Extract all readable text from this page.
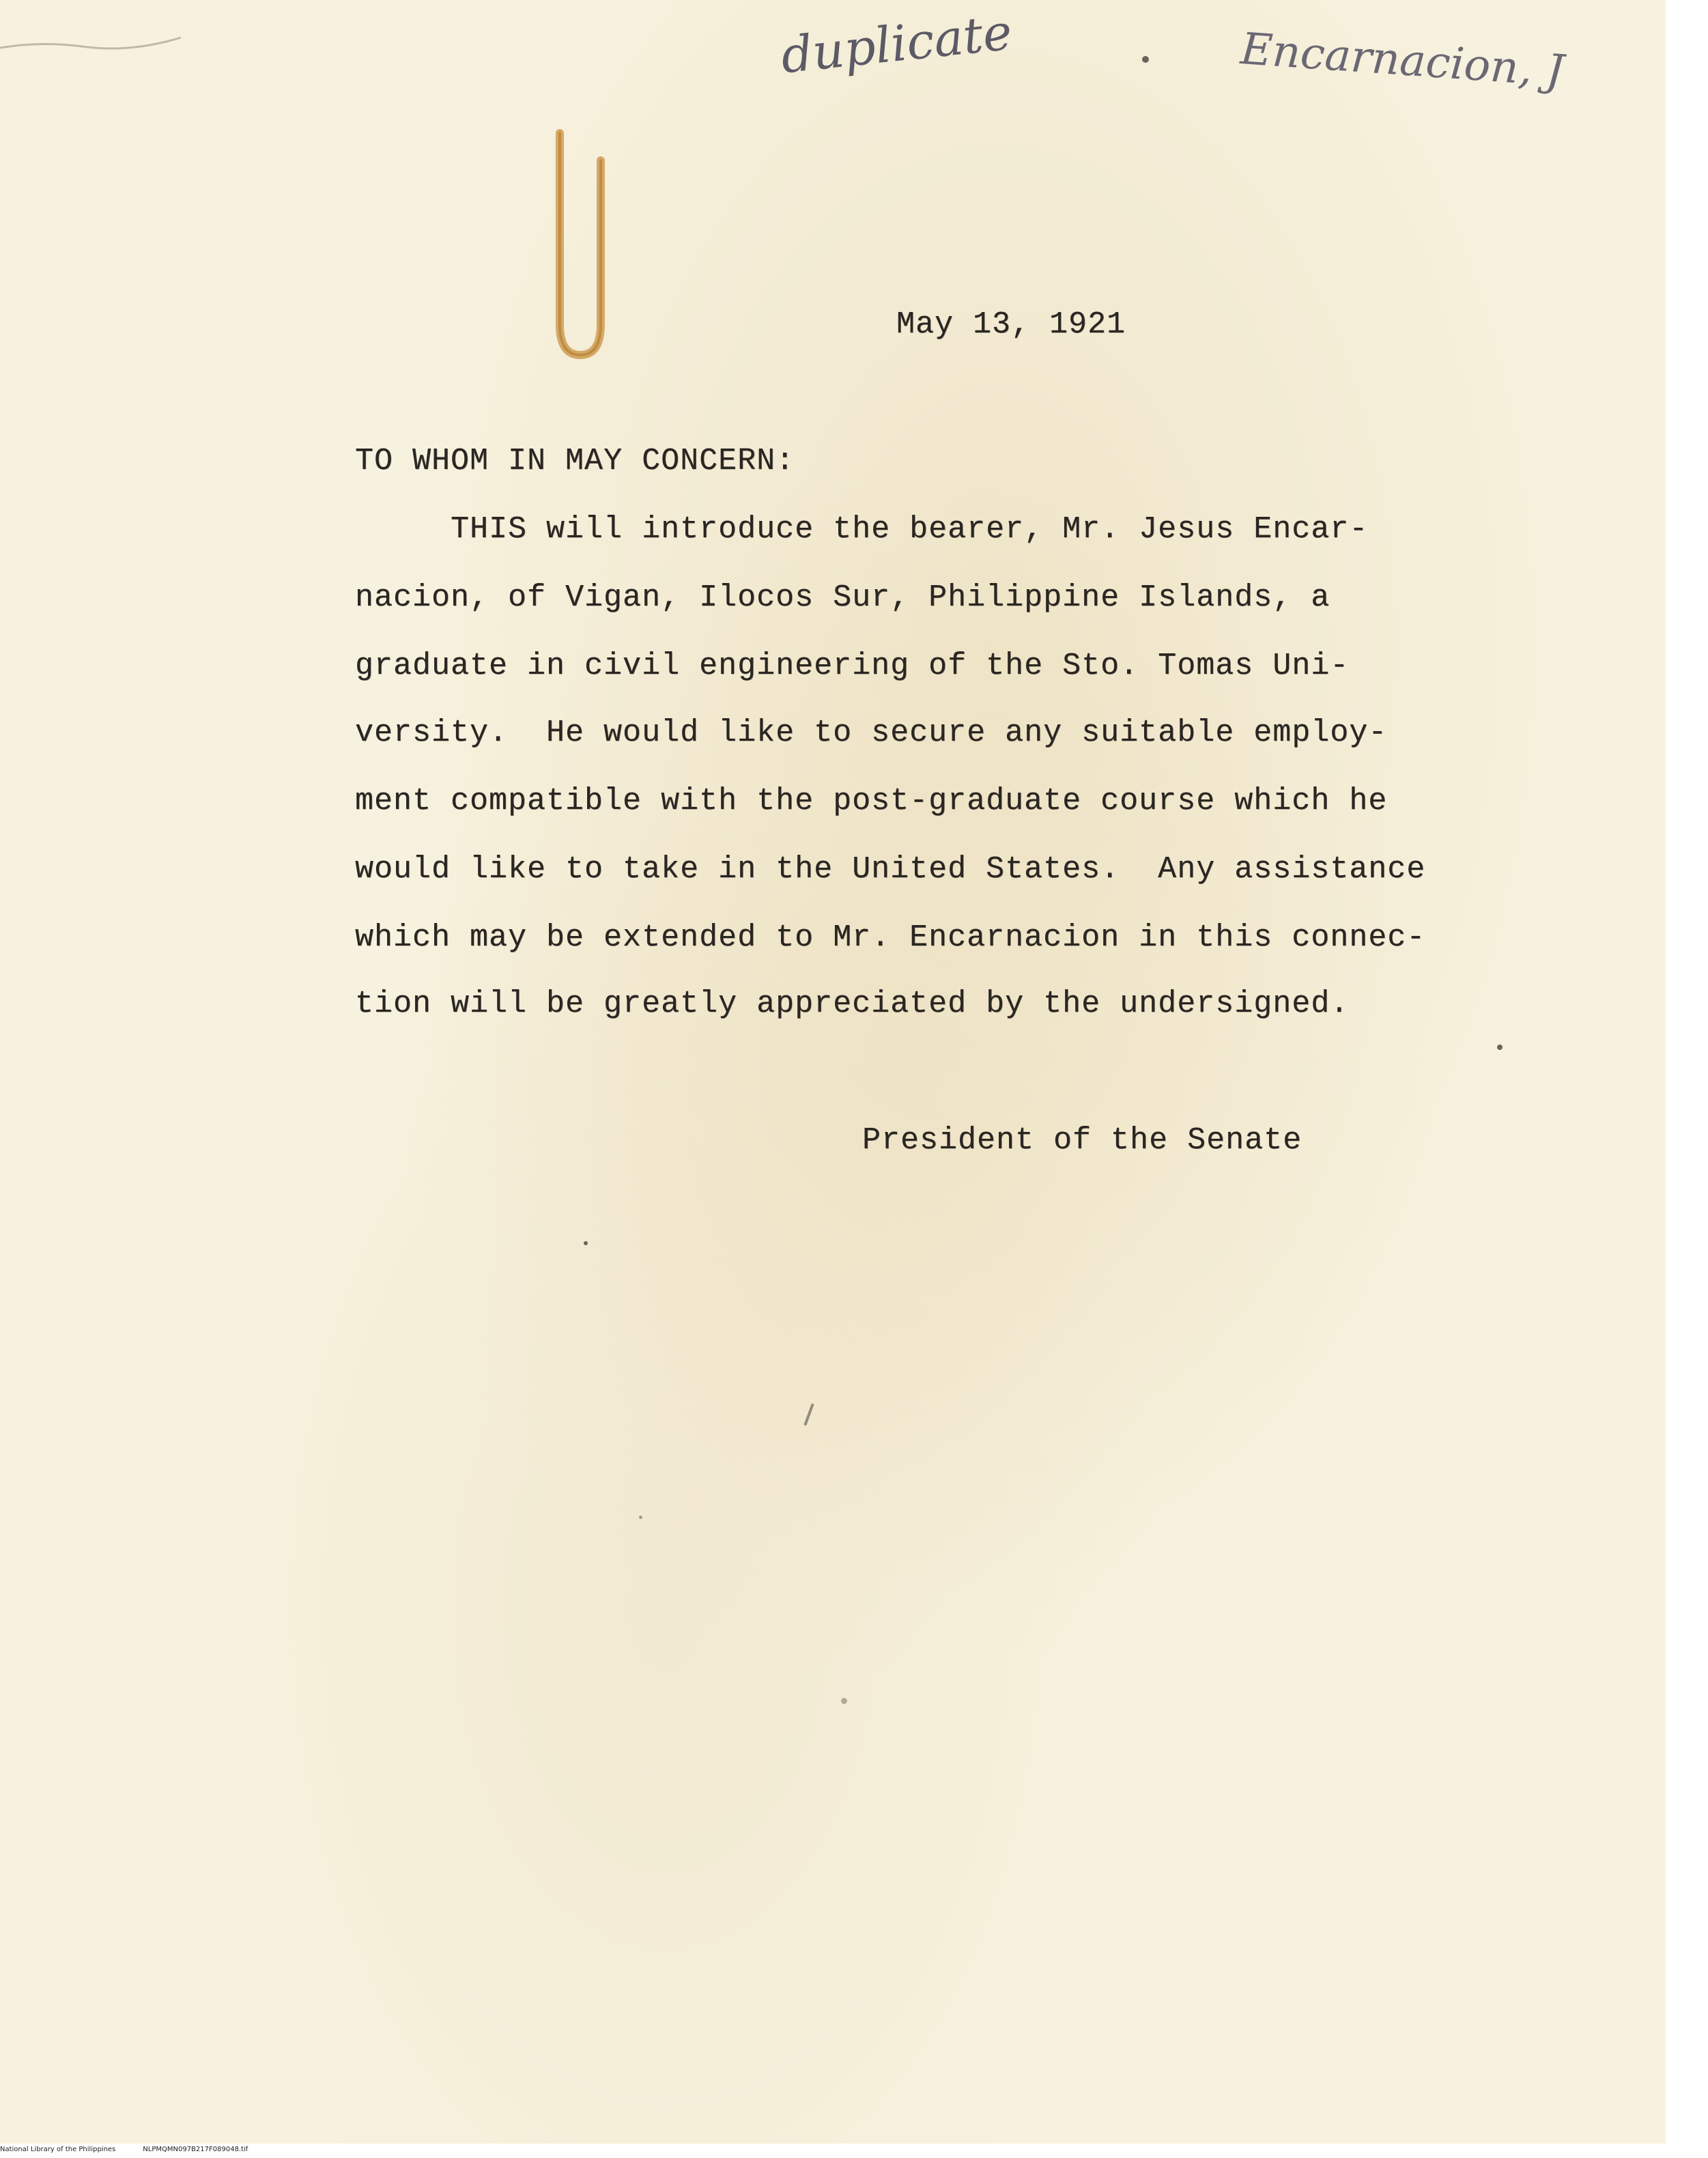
duplicate	Encarnacion, J
May 13, 1921
TO WHOM IN MAY CONCERN:
THIS will introduce the bearer, Mr. Jesus Encar-
nacion, of Vigan, Ilocos Sur, Philippine Islands, a
graduate in civil engineering of the Sto. Tomas Uni-
versity.  He would like to secure any suitable employ-
ment compatible with the post-graduate course which he
would like to take in the United States.  Any assistance
which may be extended to Mr. Encarnacion in this connec-
tion will be greatly appreciated by the undersigned.
President of the Senate
National Library of the Philippines	NLPMQMN097B217F089048.tif
